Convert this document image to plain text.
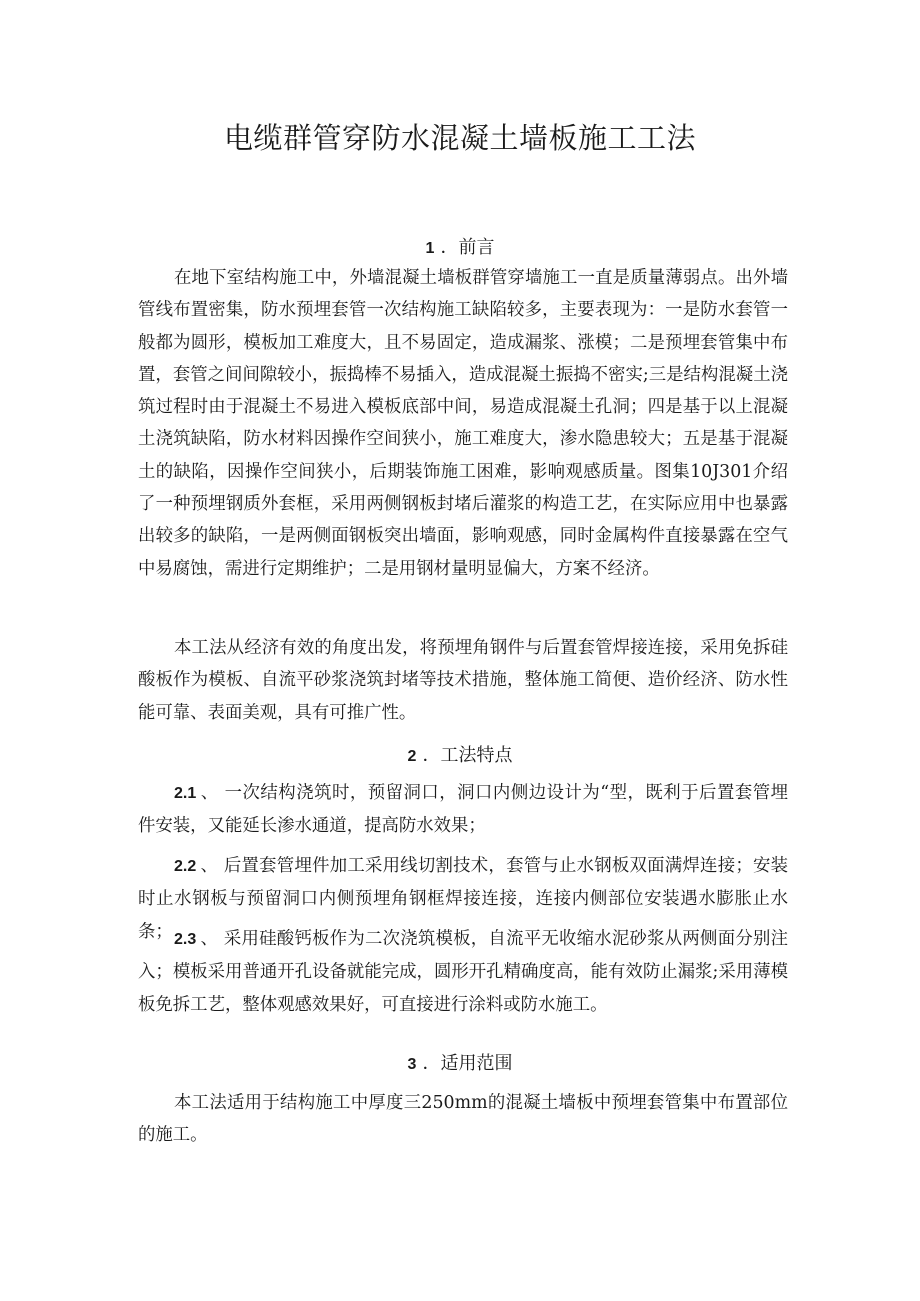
电缆群管穿防水混凝土墙板施工工法
1 ．前言

在地下室结构施工中，外墙混凝土墙板群管穿墙施工一直是质量薄弱点。出外墙管线布置密集，防水预埋套管一次结构施工缺陷较多，主要表现为：一是防水套管一般都为圆形，模板加工难度大，且不易固定，造成漏浆、涨模；二是预埋套管集中布置，套管之间间隙较小，振捣棒不易插入，造成混凝土振捣不密实;三是结构混凝土浇筑过程时由于混凝土不易进入模板底部中间，易造成混凝土孔洞；四是基于以上混凝土浇筑缺陷，防水材料因操作空间狭小，施工难度大，渗水隐患较大；五是基于混凝土的缺陷，因操作空间狭小，后期装饰施工困难，影响观感质量。图集10J301介绍了一种预埋钢质外套框，采用两侧钢板封堵后灌浆的构造工艺，在实际应用中也暴露出较多的缺陷，一是两侧面钢板突出墙面，影响观感，同时金属构件直接暴露在空气中易腐蚀，需进行定期维护；二是用钢材量明显偏大，方案不经济。

本工法从经济有效的角度出发，将预埋角钢件与后置套管焊接连接，采用免拆硅酸板作为模板、自流平砂浆浇筑封堵等技术措施，整体施工简便、造价经济、防水性能可靠、表面美观，具有可推广性。

2 ．工法特点

2.1 、 一次结构浇筑时，预留洞口，洞口内侧边设计为“型，既利于后置套管埋件安装，又能延长渗水通道，提高防水效果；

2.2 、 后置套管埋件加工采用线切割技术，套管与止水钢板双面满焊连接；安装时止水钢板与预留洞口内侧预埋角钢框焊接连接，连接内侧部位安装遇水膨胀止水条； 2.3 、 采用硅酸钙板作为二次浇筑模板，自流平无收缩水泥砂浆从两侧面分别注入；模板采用普通开孔设备就能完成，圆形开孔精确度高，能有效防止漏浆;采用薄模板免拆工艺，整体观感效果好，可直接进行涂料或防水施工。

3 ．适用范围

本工法适用于结构施工中厚度三250mm的混凝土墙板中预埋套管集中布置部位的施工。
